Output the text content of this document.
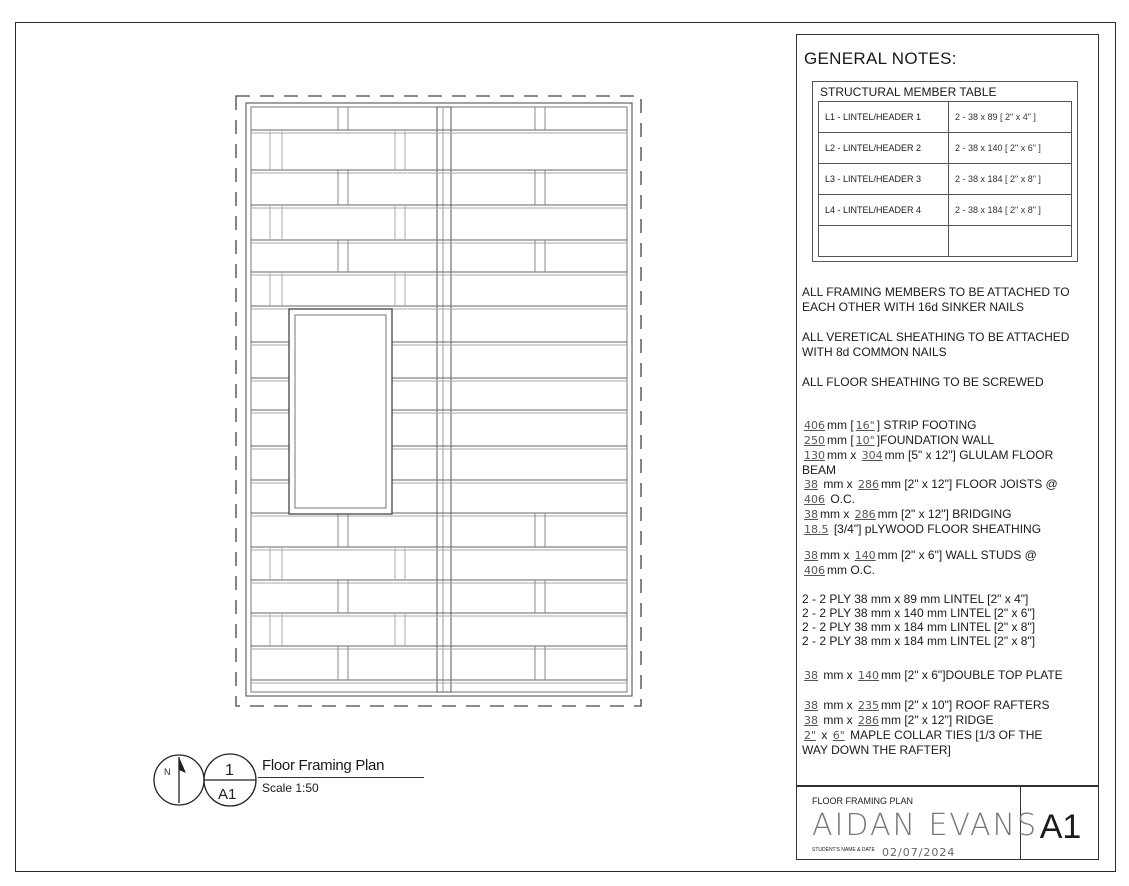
N	1
A1
Floor Framing Plan
Scale 1:50
GENERAL NOTES:
STRUCTURAL MEMBER TABLE
L1 - LINTEL/HEADER 1	2 - 38 x 89 [ 2" x 4" ]
L2 - LINTEL/HEADER 2	2 - 38 x 140 [ 2" x 6" ]
L3 - LINTEL/HEADER 3	2 - 38 x 184 [ 2" x 8" ]
L4 - LINTEL/HEADER 4	2 - 38 x 184 [ 2" x 8" ]

ALL FRAMING MEMBERS TO BE ATTACHED TO EACH OTHER WITH 16d SINKER NAILS
ALL VERETICAL SHEATHING TO BE ATTACHED WITH 8d COMMON NAILS
ALL FLOOR SHEATHING TO BE SCREWED
406 mm [ 16" ] STRIP FOOTING
250 mm [ 10" ]FOUNDATION WALL
130 mm x 304 mm [5" x 12"] GLULAM FLOOR
BEAM
38 mm x 286 mm [2" x 12"] FLOOR JOISTS @
406 O.C.
38 mm x 286 mm [2" x 12"] BRIDGING
18.5 [3/4"] pLYWOOD FLOOR SHEATHING
38 mm x 140 mm [2" x 6"] WALL STUDS @
406 mm O.C.
2 - 2 PLY 38 mm x 89 mm LINTEL [2" x 4"]
2 - 2 PLY 38 mm x 140 mm LINTEL [2" x 6"]
2 - 2 PLY 38 mm x 184 mm LINTEL [2" x 8"]
2 - 2 PLY 38 mm x 184 mm LINTEL [2" x 8"]
38 mm x 140 mm [2" x 6"]DOUBLE TOP PLATE
38 mm x 235 mm [2" x 10"] ROOF RAFTERS
38 mm x 286 mm [2" x 12"] RIDGE
2" x 6" MAPLE COLLAR TIES [1/3 OF THE
WAY DOWN THE RAFTER]
FLOOR FRAMING PLAN
AIDAN EVANS
STUDENT'S NAME & DATE 02/07/2024
A1
